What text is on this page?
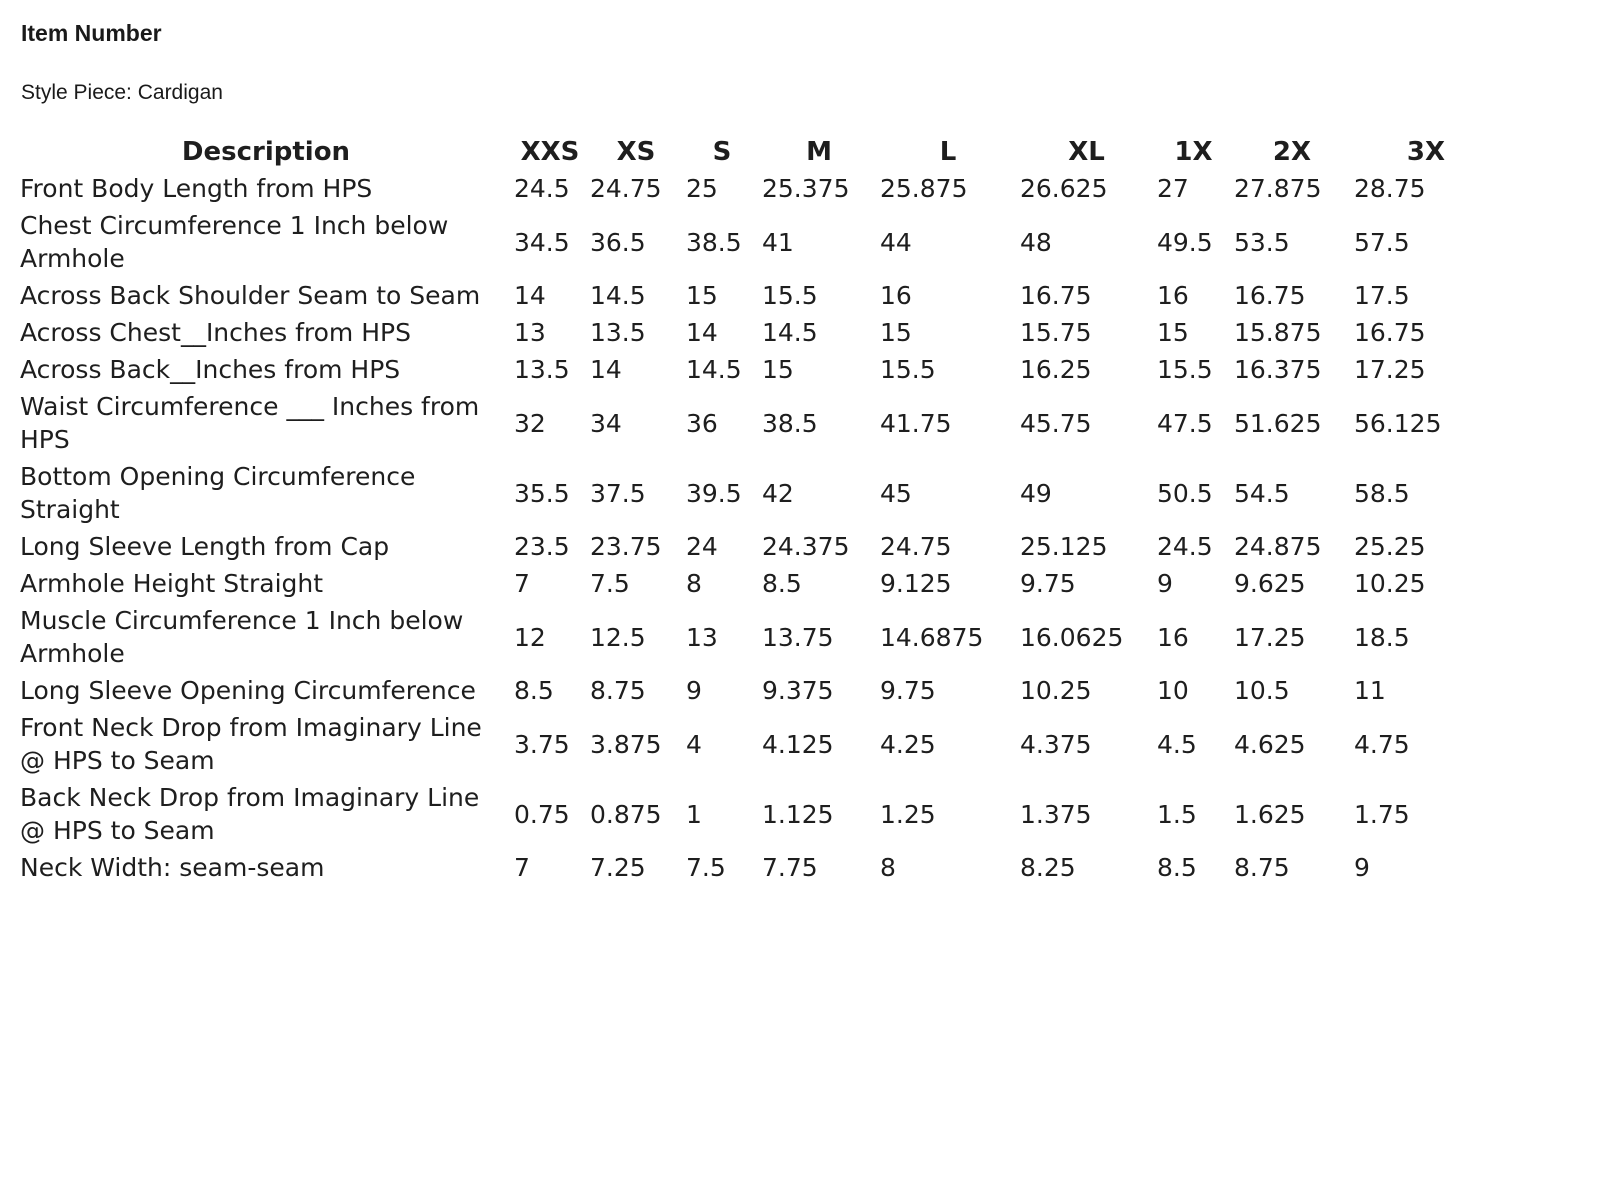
Item Number

Style Piece: Cardigan

Description	XXS	XS	S	M	L	XL	1X	2X	3X
Front Body Length from HPS	24.5	24.75	25	25.375	25.875	26.625	27	27.875	28.75
Chest Circumference 1 Inch below Armhole	34.5	36.5	38.5	41	44	48	49.5	53.5	57.5
Across Back Shoulder Seam to Seam	14	14.5	15	15.5	16	16.75	16	16.75	17.5
Across Chest__Inches from HPS	13	13.5	14	14.5	15	15.75	15	15.875	16.75
Across Back__Inches from HPS	13.5	14	14.5	15	15.5	16.25	15.5	16.375	17.25
Waist Circumference ___ Inches from HPS	32	34	36	38.5	41.75	45.75	47.5	51.625	56.125
Bottom Opening Circumference Straight	35.5	37.5	39.5	42	45	49	50.5	54.5	58.5
Long Sleeve Length from Cap	23.5	23.75	24	24.375	24.75	25.125	24.5	24.875	25.25
Armhole Height Straight	7	7.5	8	8.5	9.125	9.75	9	9.625	10.25
Muscle Circumference 1 Inch below Armhole	12	12.5	13	13.75	14.6875	16.0625	16	17.25	18.5
Long Sleeve Opening Circumference	8.5	8.75	9	9.375	9.75	10.25	10	10.5	11
Front Neck Drop from Imaginary Line @ HPS to Seam	3.75	3.875	4	4.125	4.25	4.375	4.5	4.625	4.75
Back Neck Drop from Imaginary Line @ HPS to Seam	0.75	0.875	1	1.125	1.25	1.375	1.5	1.625	1.75
Neck Width: seam-seam	7	7.25	7.5	7.75	8	8.25	8.5	8.75	9
